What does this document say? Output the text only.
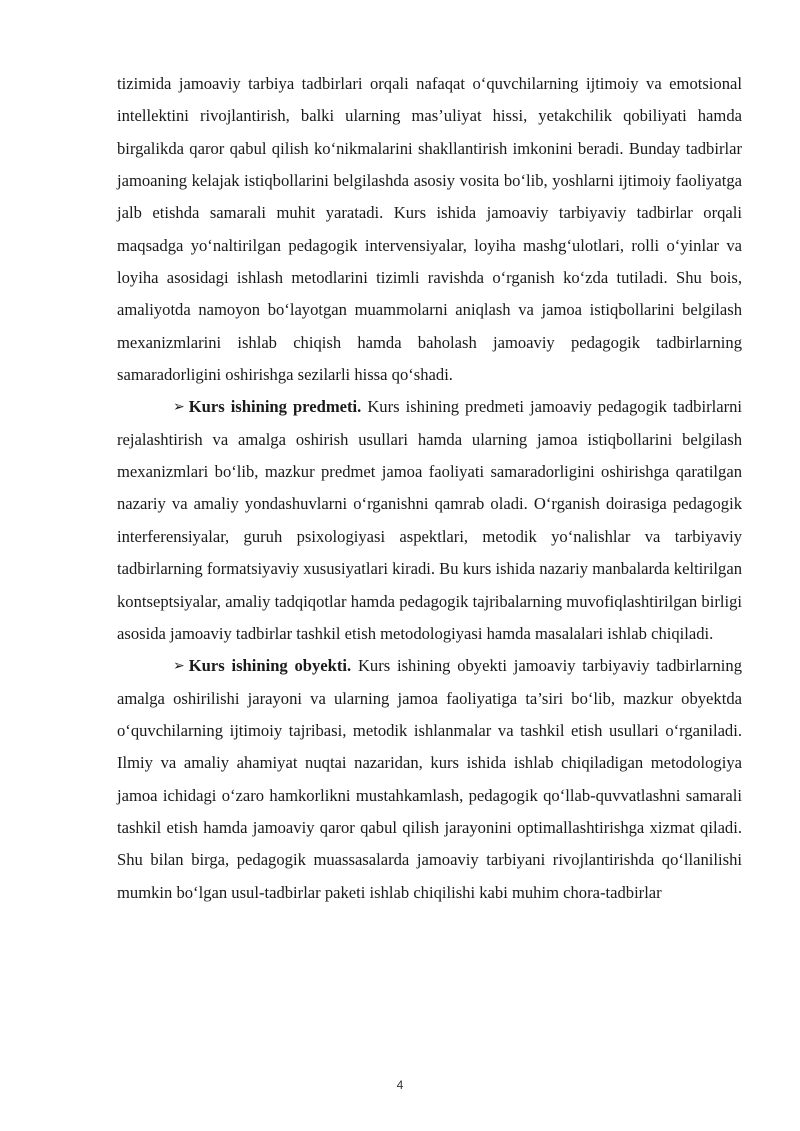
tizimida jamoaviy tarbiya tadbirlari orqali nafaqat o‘quvchilarning ijtimoiy va emotsional intellektini rivojlantirish, balki ularning mas’uliyat hissi, yetakchilik qobiliyati hamda birgalikda qaror qabul qilish ko‘nikmalarini shakllantirish imkonini beradi. Bunday tadbirlar jamoaning kelajak istiqbollarini belgilashda asosiy vosita bo‘lib, yoshlarni ijtimoiy faoliyatga jalb etishda samarali muhit yaratadi. Kurs ishida jamoaviy tarbiyaviy tadbirlar orqali maqsadga yo‘naltirilgan pedagogik intervensiyalar, loyiha mashg‘ulotlari, rolli o‘yinlar va loyiha asosidagi ishlash metodlarini tizimli ravishda o‘rganish ko‘zda tutiladi. Shu bois, amaliyotda namoyon bo‘layotgan muammolarni aniqlash va jamoa istiqbollarini belgilash mexanizmlarini ishlab chiqish hamda baholash jamoaviy pedagogik tadbirlarning samaradorligini oshirishga sezilarli hissa qo‘shadi.

➢ Kurs ishining predmeti. Kurs ishining predmeti jamoaviy pedagogik tadbirlarni rejalashtirish va amalga oshirish usullari hamda ularning jamoa istiqbollarini belgilash mexanizmlari bo‘lib, mazkur predmet jamoa faoliyati samaradorligini oshirishga qaratilgan nazariy va amaliy yondashuvlarni o‘rganishni qamrab oladi. O‘rganish doirasiga pedagogik interferensiyalar, guruh psixologiyasi aspektlari, metodik yo‘nalishlar va tarbiyaviy tadbirlarning formatsiyaviy xususiyatlari kiradi. Bu kurs ishida nazariy manbalarda keltirilgan kontseptsiyalar, amaliy tadqiqotlar hamda pedagogik tajribalarning muvofiqlashtirilgan birligi asosida jamoaviy tadbirlar tashkil etish metodologiyasi hamda masalalari ishlab chiqiladi.

➢ Kurs ishining obyekti. Kurs ishining obyekti jamoaviy tarbiyaviy tadbirlarning amalga oshirilishi jarayoni va ularning jamoa faoliyatiga ta’siri bo‘lib, mazkur obyektda o‘quvchilarning ijtimoiy tajribasi, metodik ishlanmalar va tashkil etish usullari o‘rganiladi. Ilmiy va amaliy ahamiyat nuqtai nazaridan, kurs ishida ishlab chiqiladigan metodologiya jamoa ichidagi o‘zaro hamkorlikni mustahkamlash, pedagogik qo‘llab-quvvatlashni samarali tashkil etish hamda jamoaviy qaror qabul qilish jarayonini optimallashtirishga xizmat qiladi. Shu bilan birga, pedagogik muassasalarda jamoaviy tarbiyani rivojlantirishda qo‘llanilishi mumkin bo‘lgan usul-tadbirlar paketi ishlab chiqilishi kabi muhim chora-tadbirlar

4
